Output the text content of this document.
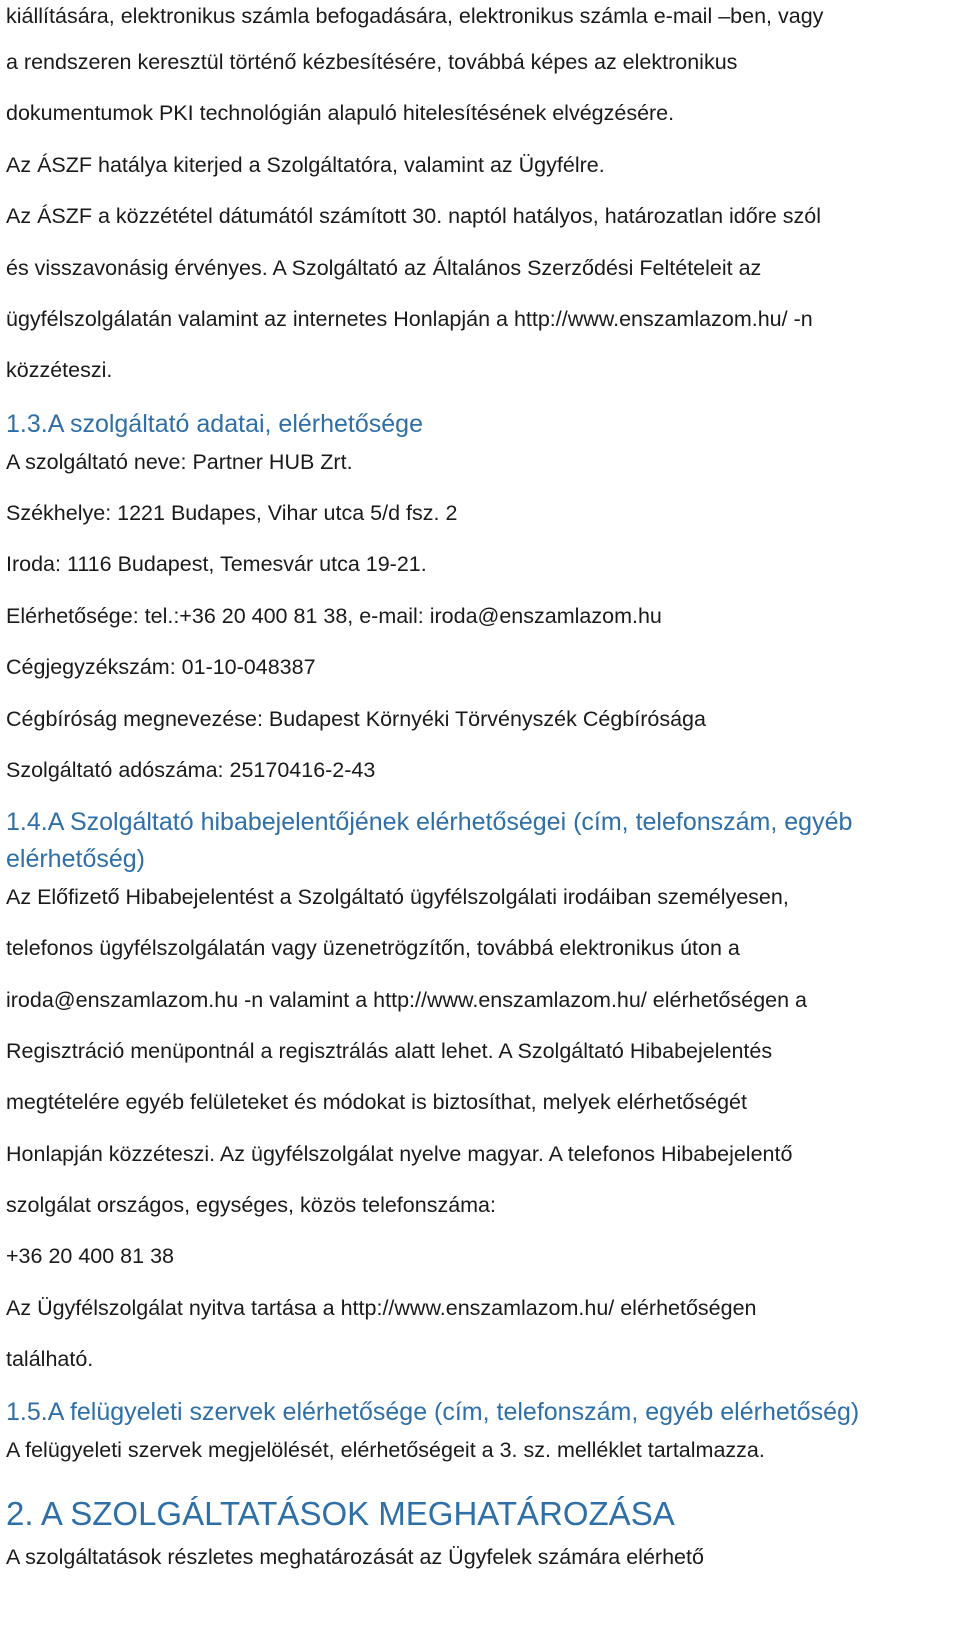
kiállítására, elektronikus számla befogadására, elektronikus számla e-mail –ben, vagy

a rendszeren keresztül történő kézbesítésére, továbbá képes az elektronikus

dokumentumok PKI technológián alapuló hitelesítésének elvégzésére.

Az ÁSZF hatálya kiterjed a Szolgáltatóra, valamint az Ügyfélre.

Az ÁSZF a közzététel dátumától számított 30. naptól hatályos, határozatlan időre szól

és visszavonásig érvényes. A Szolgáltató az Általános Szerződési Feltételeit az

ügyfélszolgálatán valamint az internetes Honlapján a http://www.enszamlazom.hu/ -n

közzéteszi.

1.3.A szolgáltató adatai, elérhetősége

A szolgáltató neve: Partner HUB Zrt.

Székhelye: 1221 Budapes, Vihar utca 5/d fsz. 2

Iroda: 1116 Budapest, Temesvár utca 19-21.

Elérhetősége: tel.:+36 20 400 81 38, e-mail: iroda@enszamlazom.hu

Cégjegyzékszám: 01-10-048387

Cégbíróság megnevezése: Budapest Környéki Törvényszék Cégbírósága

Szolgáltató adószáma: 25170416-2-43

1.4.A Szolgáltató hibabejelentőjének elérhetőségei (cím, telefonszám, egyéb
elérhetőség)

Az Előfizető Hibabejelentést a Szolgáltató ügyfélszolgálati irodáiban személyesen,

telefonos ügyfélszolgálatán vagy üzenetrögzítőn, továbbá elektronikus úton a

iroda@enszamlazom.hu -n valamint a http://www.enszamlazom.hu/ elérhetőségen a

Regisztráció menüpontnál a regisztrálás alatt lehet. A Szolgáltató Hibabejelentés

megtételére egyéb felületeket és módokat is biztosíthat, melyek elérhetőségét

Honlapján közzéteszi. Az ügyfélszolgálat nyelve magyar. A telefonos Hibabejelentő

szolgálat országos, egységes, közös telefonszáma:

+36 20 400 81 38

Az Ügyfélszolgálat nyitva tartása a http://www.enszamlazom.hu/ elérhetőségen

található.

1.5.A felügyeleti szervek elérhetősége (cím, telefonszám, egyéb elérhetőség)

A felügyeleti szervek megjelölését, elérhetőségeit a 3. sz. melléklet tartalmazza.

2. A SZOLGÁLTATÁSOK MEGHATÁROZÁSA

A szolgáltatások részletes meghatározását az Ügyfelek számára elérhető
